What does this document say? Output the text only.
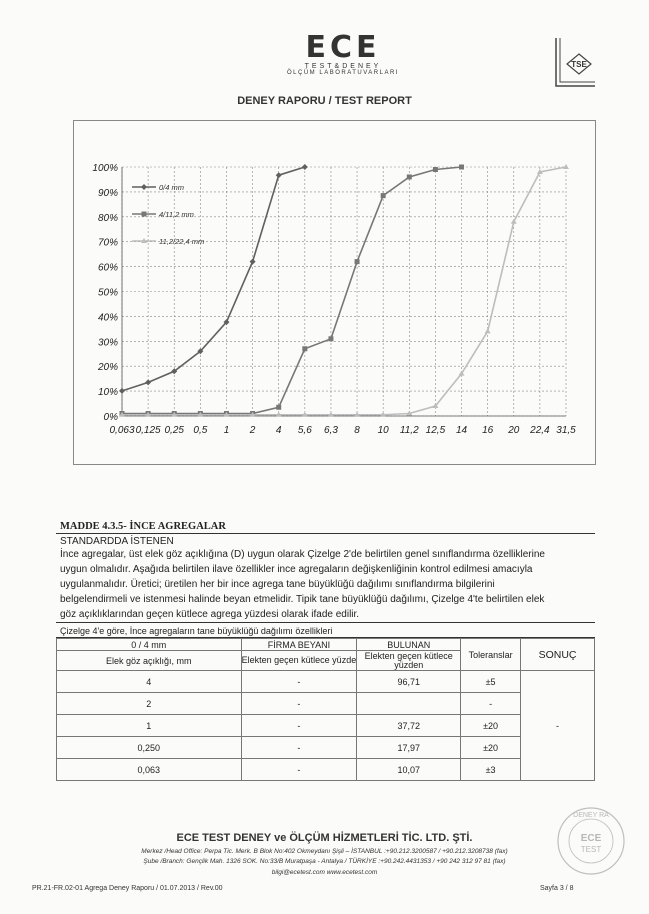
ECE
TEST&DENEY
ÖLÇÜM LABORATUVARLARI
TSE
DENEY RAPORU / TEST REPORT
0%
10%
20%
30%
40%
50%
60%
70%
80%
90%
100%
0,063 0,125 0,25 0,5 1 2 4 5,6 6,3 8 10 11,2 12,5 14 16 20 22,4 31,5
0/4 mm
4/11,2 mm
11,2/22,4 mm
MADDE 4.3.5- İNCE AGREGALAR
STANDARDDA İSTENEN
İnce agregalar, üst elek göz açıklığına (D) uygun olarak Çizelge 2'de belirtilen genel sınıflandırma özelliklerine
uygun olmalıdır. Aşağıda belirtilen ilave özellikler ince agregaların değişkenliğinin kontrol edilmesi amacıyla
uygulanmalıdır. Üretici; üretilen her bir ince agrega tane büyüklüğü dağılımı sınıflandırma bilgilerini
belgelendirmeli ve istenmesi halinde beyan etmelidir. Tipik tane büyüklüğü dağılımı, Çizelge 4'te belirtilen elek
göz açıklıklarından geçen kütlece agrega yüzdesi olarak ifade edilir.
Çizelge 4'e göre, İnce agregaların tane büyüklüğü dağılımı özellikleri
0 / 4 mm	FİRMA BEYANI	BULUNAN	Toleranslar	SONUÇ
Elek göz açıklığı, mm	Elekten geçen kütlece yüzde	Elekten geçen kütlece yüzden		
4	-	96,71	±5	-
2	-		-	
1	-	37,72	±20	
0,250	-	17,97	±20	
0,063	-	10,07	±3	
ECE TEST DENEY ve ÖLÇÜM HİZMETLERİ TİC. LTD. ŞTİ.
Merkez /Head Office: Perpa Tic. Merk. B Blok No:402 Okmeydanı Şişli – İSTANBUL :+90.212.3200587 / +90.212.3208738 (fax)
Şube /Branch: Gençlik Mah. 1326 SOK. No:33/B Muratpaşa - Antalya / TÜRKİYE :+90.242.4431353 / +90 242 312 97 81 (fax)
bilgi@ecetest.com www.ecetest.com
PR.21-FR.02-01 Agrega Deney Raporu / 01.07.2013 / Rev.00	Sayfa 3 / 8
DENEY RA
ECE
TEST
